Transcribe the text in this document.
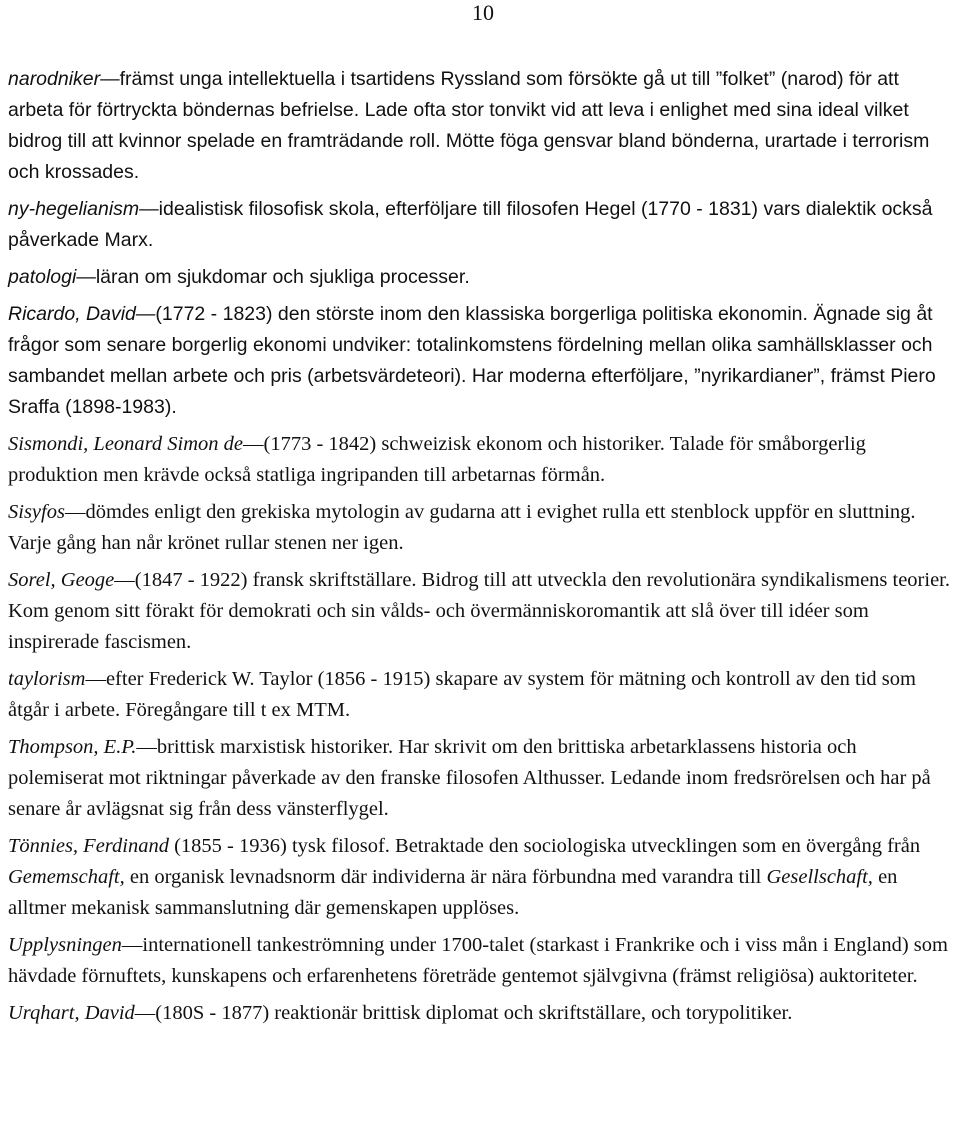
10

narodniker—främst unga intellektuella i tsartidens Ryssland som försökte gå ut till ”folket” (narod) för att arbeta för förtryckta böndernas befrielse. Lade ofta stor tonvikt vid att leva i enlighet med sina ideal vilket bidrog till att kvinnor spelade en framträdande roll. Mötte föga gensvar bland bönderna, urartade i terrorism och krossades.

ny-hegelianism—idealistisk filosofisk skola, efterföljare till filosofen Hegel (1770 - 1831) vars dialektik också påverkade Marx.

patologi—läran om sjukdomar och sjukliga processer.

Ricardo, David—(1772 - 1823) den störste inom den klassiska borgerliga politiska ekonomin. Ägnade sig åt frågor som senare borgerlig ekonomi undviker: totalinkomstens fördelning mellan olika samhällsklasser och sambandet mellan arbete och pris (arbetsvärdeteori). Har moderna efterföljare, ”nyrikardianer”, främst Piero Sraffa (1898-1983).

Sismondi, Leonard Simon de—(1773 - 1842) schweizisk ekonom och historiker. Talade för småborgerlig produktion men krävde också statliga ingripanden till arbetarnas förmån.

Sisyfos—dömdes enligt den grekiska mytologin av gudarna att i evighet rulla ett stenblock uppför en sluttning. Varje gång han når krönet rullar stenen ner igen.

Sorel, Geoge—(1847 - 1922) fransk skriftställare. Bidrog till att utveckla den revolutionära syndikalismens teorier. Kom genom sitt förakt för demokrati och sin vålds- och övermänniskoromantik att slå över till idéer som inspirerade fascismen.

taylorism—efter Frederick W. Taylor (1856 - 1915) skapare av system för mätning och kontroll av den tid som åtgår i arbete. Föregångare till t ex MTM.

Thompson, E.P.—brittisk marxistisk historiker. Har skrivit om den brittiska arbetarklassens historia och polemiserat mot riktningar påverkade av den franske filosofen Althusser. Ledande inom fredsrörelsen och har på senare år avlägsnat sig från dess vänsterflygel.

Tönnies, Ferdinand (1855 - 1936) tysk filosof. Betraktade den sociologiska utvecklingen som en övergång från Gememschaft, en organisk levnadsnorm där individerna är nära förbundna med varandra till Gesellschaft, en alltmer mekanisk sammanslutning där gemenskapen upplöses.

Upplysningen—internationell tankeströmning under 1700-talet (starkast i Frankrike och i viss mån i England) som hävdade förnuftets, kunskapens och erfarenhetens företräde gentemot självgivna (främst religiösa) auktoriteter.

Urqhart, David—(180S - 1877) reaktionär brittisk diplomat och skriftställare, och torypolitiker.
